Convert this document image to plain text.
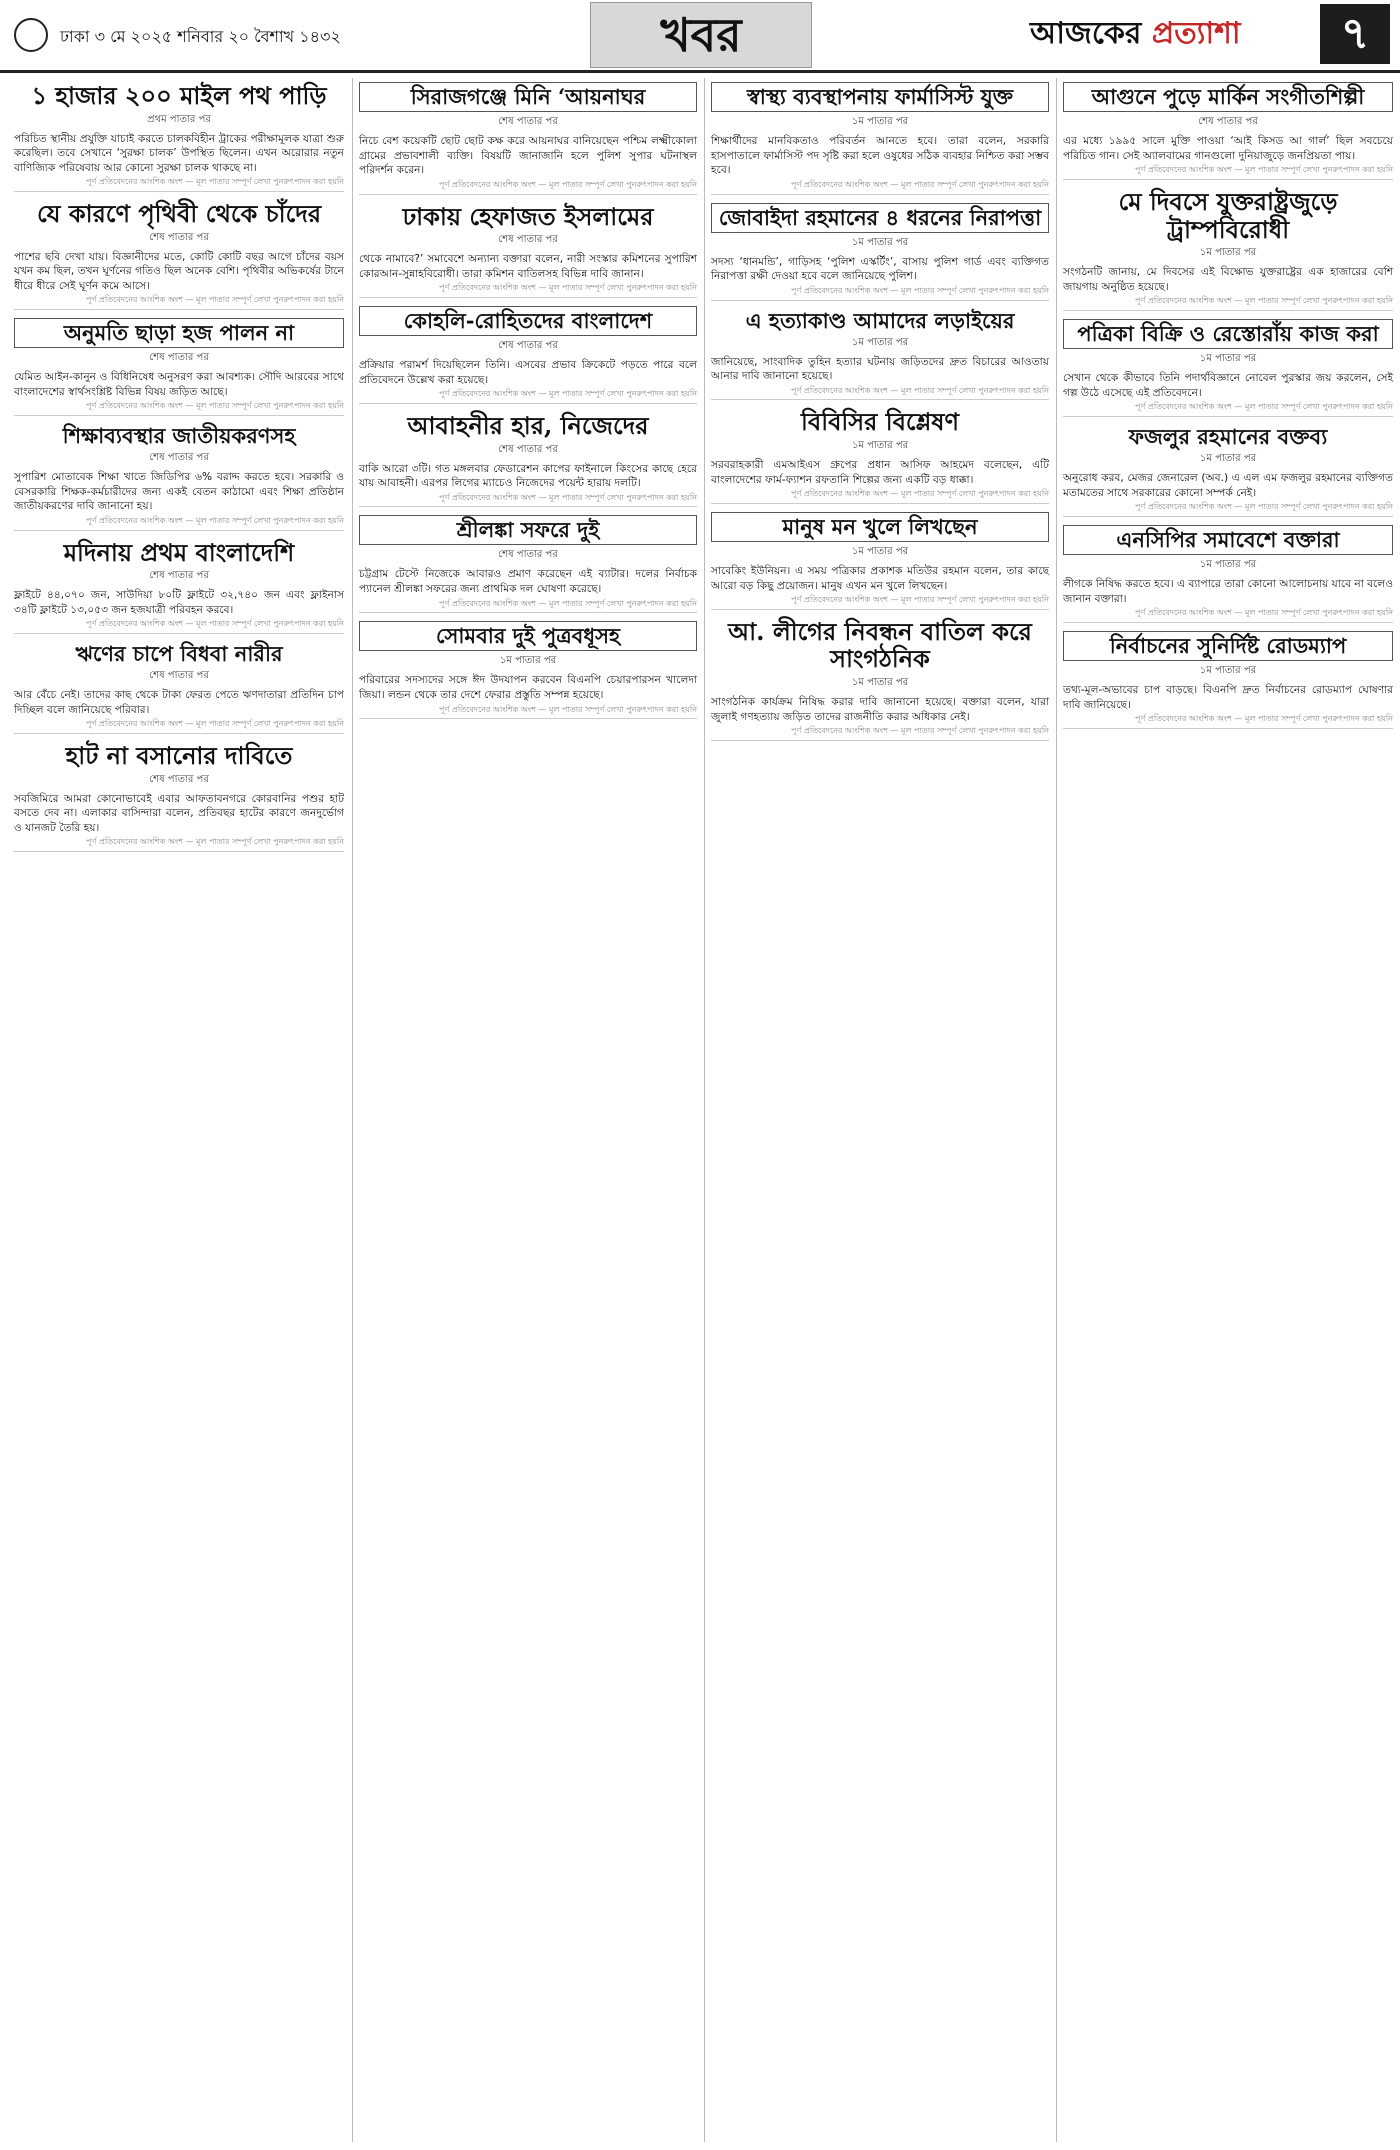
ঢাকা ৩ মে ২০২৫ শনিবার ২০ বৈশাখ ১৪৩২	খবর	আজকের প্রত্যাশা	৭
১ হাজার ২০০ মাইল পথ পাড়ি
প্রথম পাতার পর

পরিচিত স্থানীয় প্রযুক্তি যাচাই করতে চালকবিহীন ট্রাকের পরীক্ষামূলক যাত্রা শুরু করেছিল। তবে সেখানে ‘সুরক্ষা চালক’ উপস্থিত ছিলেন। এখন অরোরার নতুন বাণিজ্যিক পরিষেবায় আর কোনো সুরক্ষা চালক থাকছে না।

পূর্ণ প্রতিবেদনের আংশিক অংশ — মূল পাতার সম্পূর্ণ লেখা পুনরুৎপাদন করা হয়নি
যে কারণে পৃথিবী থেকে চাঁদের
শেষ পাতার পর

পাশের ছবি দেখা যায়। বিজ্ঞানীদের মতে, কোটি কোটি বছর আগে চাঁদের বয়স যখন কম ছিল, তখন ঘূর্ণনের গতিও ছিল অনেক বেশি। পৃথিবীর অভিকর্ষের টানে ধীরে ধীরে সেই ঘূর্ণন কমে আসে।

পূর্ণ প্রতিবেদনের আংশিক অংশ — মূল পাতার সম্পূর্ণ লেখা পুনরুৎপাদন করা হয়নি
অনুমতি ছাড়া হজ পালন না
শেষ পাতার পর

যেমিত আইন-কানুন ও বিধিনিষেধ অনুসরণ করা আবশ্যক। সৌদি আরবের সাথে বাংলাদেশের স্বার্থসংশ্লিষ্ট বিভিন্ন বিষয় জড়িত আছে।

পূর্ণ প্রতিবেদনের আংশিক অংশ — মূল পাতার সম্পূর্ণ লেখা পুনরুৎপাদন করা হয়নি
শিক্ষাব্যবস্থার জাতীয়করণসহ
শেষ পাতার পর

সুপারিশ মোতাবেক শিক্ষা খাতে জিডিপির ৬% বরাদ্দ করতে হবে। সরকারি ও বেসরকারি শিক্ষক-কর্মচারীদের জন্য একই বেতন কাঠামো এবং শিক্ষা প্রতিষ্ঠান জাতীয়করণের দাবি জানানো হয়।

পূর্ণ প্রতিবেদনের আংশিক অংশ — মূল পাতার সম্পূর্ণ লেখা পুনরুৎপাদন করা হয়নি
মদিনায় প্রথম বাংলাদেশি
শেষ পাতার পর

ফ্লাইটে ৪৪,০৭০ জন, সাউদিয়া ৮০টি ফ্লাইটে ৩২,৭৪০ জন এবং ফ্লাইনাস ৩৪টি ফ্লাইটে ১৩,০৫৩ জন হজযাত্রী পরিবহন করবে।

পূর্ণ প্রতিবেদনের আংশিক অংশ — মূল পাতার সম্পূর্ণ লেখা পুনরুৎপাদন করা হয়নি
ঋণের চাপে বিধবা নারীর
শেষ পাতার পর

আর বেঁচে নেই। তাদের কাছ থেকে টাকা ফেরত পেতে ঋণদাতারা প্রতিদিন চাপ দিচ্ছিল বলে জানিয়েছে পরিবার।

পূর্ণ প্রতিবেদনের আংশিক অংশ — মূল পাতার সম্পূর্ণ লেখা পুনরুৎপাদন করা হয়নি
হাট না বসানোর দাবিতে
শেষ পাতার পর

সবজিমিরে আমরা কোনোভাবেই এবার আফতাবনগরে কোরবানির পশুর হাট বসতে দেব না। এলাকার বাসিন্দারা বলেন, প্রতিবছর হাটের কারণে জনদুর্ভোগ ও যানজট তৈরি হয়।

পূর্ণ প্রতিবেদনের আংশিক অংশ — মূল পাতার সম্পূর্ণ লেখা পুনরুৎপাদন করা হয়নি
সিরাজগঞ্জে মিনি ‘আয়নাঘর
শেষ পাতার পর

নিচে বেশ কয়েকটি ছোট ছোট কক্ষ করে আয়নাঘর বানিয়েছেন পশ্চিম লক্ষ্মীকোলা গ্রামের প্রভাবশালী ব্যক্তি। বিষয়টি জানাজানি হলে পুলিশ সুপার ঘটনাস্থল পরিদর্শন করেন।

পূর্ণ প্রতিবেদনের আংশিক অংশ — মূল পাতার সম্পূর্ণ লেখা পুনরুৎপাদন করা হয়নি
ঢাকায় হেফাজত ইসলামের
শেষ পাতার পর

থেকে নামাবে?’ সমাবেশে অন্যান্য বক্তারা বলেন, নারী সংস্কার কমিশনের সুপারিশ কোরআন-সুন্নাহবিরোধী। তারা কমিশন বাতিলসহ বিভিন্ন দাবি জানান।

পূর্ণ প্রতিবেদনের আংশিক অংশ — মূল পাতার সম্পূর্ণ লেখা পুনরুৎপাদন করা হয়নি
কোহলি-রোহিতদের বাংলাদেশ
শেষ পাতার পর

প্রক্রিয়ার পরামর্শ দিয়েছিলেন তিনি। এসবের প্রভাব ক্রিকেটে পড়তে পারে বলে প্রতিবেদনে উল্লেখ করা হয়েছে।

পূর্ণ প্রতিবেদনের আংশিক অংশ — মূল পাতার সম্পূর্ণ লেখা পুনরুৎপাদন করা হয়নি
আবাহনীর হার, নিজেদের
শেষ পাতার পর

বাকি আরো ৩টি। গত মঙ্গলবার ফেডারেশন কাপের ফাইনালে কিংসের কাছে হেরে যায় আবাহনী। এরপর লিগের ম্যাচেও নিজেদের পয়েন্ট হারায় দলটি।

পূর্ণ প্রতিবেদনের আংশিক অংশ — মূল পাতার সম্পূর্ণ লেখা পুনরুৎপাদন করা হয়নি
শ্রীলঙ্কা সফরে দুই
শেষ পাতার পর

চট্টগ্রাম টেস্টে নিজেকে আবারও প্রমাণ করেছেন এই ব্যাটার। দলের নির্বাচক প্যানেল শ্রীলঙ্কা সফরের জন্য প্রাথমিক দল ঘোষণা করেছে।

পূর্ণ প্রতিবেদনের আংশিক অংশ — মূল পাতার সম্পূর্ণ লেখা পুনরুৎপাদন করা হয়নি
সোমবার দুই পুত্রবধূসহ
১ম পাতার পর

পরিবারের সদস্যদের সঙ্গে ঈদ উদযাপন করবেন বিএনপি চেয়ারপারসন খালেদা জিয়া। লন্ডন থেকে তার দেশে ফেরার প্রস্তুতি সম্পন্ন হয়েছে।

পূর্ণ প্রতিবেদনের আংশিক অংশ — মূল পাতার সম্পূর্ণ লেখা পুনরুৎপাদন করা হয়নি
স্বাস্থ্য ব্যবস্থাপনায় ফার্মাসিস্ট যুক্ত
১ম পাতার পর

শিক্ষার্থীদের মানবিকতাও পরিবর্তন আনতে হবে। তারা বলেন, সরকারি হাসপাতালে ফার্মাসিস্ট পদ সৃষ্টি করা হলে ওষুধের সঠিক ব্যবহার নিশ্চিত করা সম্ভব হবে।

পূর্ণ প্রতিবেদনের আংশিক অংশ — মূল পাতার সম্পূর্ণ লেখা পুনরুৎপাদন করা হয়নি
জোবাইদা রহমানের ৪ ধরনের নিরাপত্তা
১ম পাতার পর

সদস্য ‘ধানমন্ডি’, গাড়িসহ ‘পুলিশ এস্কর্টিং’, বাসায় পুলিশ গার্ড এবং ব্যক্তিগত নিরাপত্তা রক্ষী দেওয়া হবে বলে জানিয়েছে পুলিশ।

পূর্ণ প্রতিবেদনের আংশিক অংশ — মূল পাতার সম্পূর্ণ লেখা পুনরুৎপাদন করা হয়নি
এ হত্যাকাণ্ড আমাদের লড়াইয়ের
১ম পাতার পর

জানিয়েছে, সাংবাদিক তুহিন হত্যার ঘটনায় জড়িতদের দ্রুত বিচারের আওতায় আনার দাবি জানানো হয়েছে।

পূর্ণ প্রতিবেদনের আংশিক অংশ — মূল পাতার সম্পূর্ণ লেখা পুনরুৎপাদন করা হয়নি
বিবিসির বিশ্লেষণ
১ম পাতার পর

সরবরাহকারী এমআইএস গ্রুপের প্রধান আসিফ আহমেদ বলেছেন, এটি বাংলাদেশের ফার্ম-ফ্যাশন রফতানি শিল্পের জন্য একটি বড় ধাক্কা।

পূর্ণ প্রতিবেদনের আংশিক অংশ — মূল পাতার সম্পূর্ণ লেখা পুনরুৎপাদন করা হয়নি
মানুষ মন খুলে লিখছেন
১ম পাতার পর

সাবেকিং ইউনিয়ন। এ সময় পত্রিকার প্রকাশক মতিউর রহমান বলেন, তার কাছে আরো বড় কিছু প্রয়োজন। মানুষ এখন মন খুলে লিখছেন।

পূর্ণ প্রতিবেদনের আংশিক অংশ — মূল পাতার সম্পূর্ণ লেখা পুনরুৎপাদন করা হয়নি
আ. লীগের নিবন্ধন বাতিল করে সাংগঠনিক
১ম পাতার পর

সাংগঠনিক কার্যক্রম নিষিদ্ধ করার দাবি জানানো হয়েছে। বক্তারা বলেন, যারা জুলাই গণহত্যায় জড়িত তাদের রাজনীতি করার অধিকার নেই।

পূর্ণ প্রতিবেদনের আংশিক অংশ — মূল পাতার সম্পূর্ণ লেখা পুনরুৎপাদন করা হয়নি
আগুনে পুড়ে মার্কিন সংগীতশিল্পী
শেষ পাতার পর

এর মধ্যে ১৯৯৫ সালে মুক্তি পাওয়া ‘আই কিসড আ গার্ল’ ছিল সবচেয়ে পরিচিত গান। সেই অ্যালবামের গানগুলো দুনিয়াজুড়ে জনপ্রিয়তা পায়।

পূর্ণ প্রতিবেদনের আংশিক অংশ — মূল পাতার সম্পূর্ণ লেখা পুনরুৎপাদন করা হয়নি
মে দিবসে যুক্তরাষ্ট্রজুড়ে ট্রাম্পবিরোধী
১ম পাতার পর

সংগঠনটি জানায়, মে দিবসের এই বিক্ষোভ যুক্তরাষ্ট্রের এক হাজারের বেশি জায়গায় অনুষ্ঠিত হয়েছে।

পূর্ণ প্রতিবেদনের আংশিক অংশ — মূল পাতার সম্পূর্ণ লেখা পুনরুৎপাদন করা হয়নি
পত্রিকা বিক্রি ও রেস্তোরাঁয় কাজ করা
১ম পাতার পর

সেখান থেকে কীভাবে তিনি পদার্থবিজ্ঞানে নোবেল পুরস্কার জয় করলেন, সেই গল্প উঠে এসেছে এই প্রতিবেদনে।

পূর্ণ প্রতিবেদনের আংশিক অংশ — মূল পাতার সম্পূর্ণ লেখা পুনরুৎপাদন করা হয়নি
ফজলুর রহমানের বক্তব্য
১ম পাতার পর

অনুরোধ করব, মেজর জেনারেল (অব.) এ এল এম ফজলুর রহমানের ব্যক্তিগত মতামতের সাথে সরকারের কোনো সম্পর্ক নেই।

পূর্ণ প্রতিবেদনের আংশিক অংশ — মূল পাতার সম্পূর্ণ লেখা পুনরুৎপাদন করা হয়নি
এনসিপির সমাবেশে বক্তারা
১ম পাতার পর

লীগকে নিষিদ্ধ করতে হবে। এ ব্যাপারে তারা কোনো আলোচনায় যাবে না বলেও জানান বক্তারা।

পূর্ণ প্রতিবেদনের আংশিক অংশ — মূল পাতার সম্পূর্ণ লেখা পুনরুৎপাদন করা হয়নি
নির্বাচনের সুনির্দিষ্ট রোডম্যাপ
১ম পাতার পর

তথ্য-মূল-অভাবের চাপ বাড়ছে। বিএনপি দ্রুত নির্বাচনের রোডম্যাপ ঘোষণার দাবি জানিয়েছে।

পূর্ণ প্রতিবেদনের আংশিক অংশ — মূল পাতার সম্পূর্ণ লেখা পুনরুৎপাদন করা হয়নি
